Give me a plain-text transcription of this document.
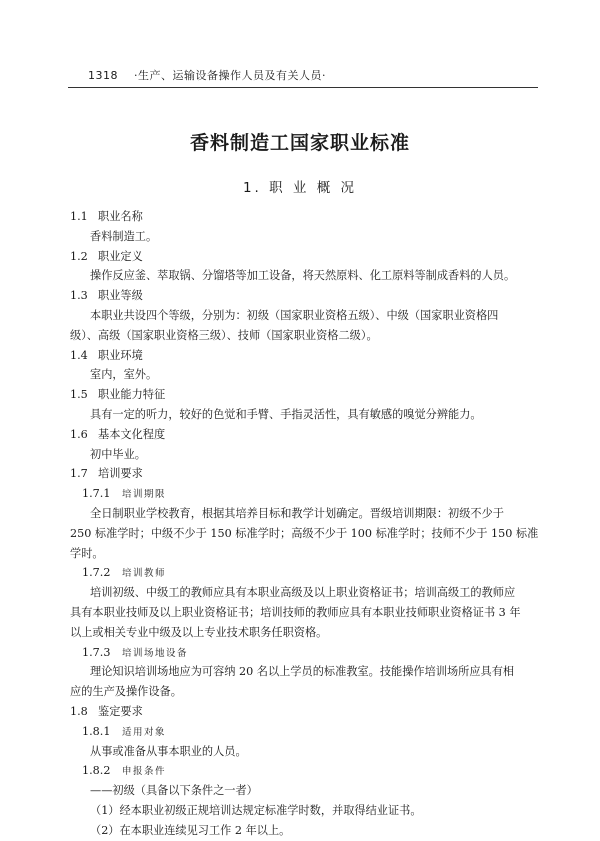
1318 ·生产、运输设备操作人员及有关人员·
香料制造工国家职业标准
1. 职 业 概 况
1.1 职业名称
香料制造工。
1.2 职业定义
操作反应釜、萃取锅、分馏塔等加工设备，将天然原料、化工原料等制成香料的人员。
1.3 职业等级
本职业共设四个等级，分别为：初级（国家职业资格五级）、中级（国家职业资格四
级）、高级（国家职业资格三级）、技师（国家职业资格二级）。
1.4 职业环境
室内，室外。
1.5 职业能力特征
具有一定的听力，较好的色觉和手臂、手指灵活性，具有敏感的嗅觉分辨能力。
1.6 基本文化程度
初中毕业。
1.7 培训要求
1.7.1 培训期限
全日制职业学校教育，根据其培养目标和教学计划确定。晋级培训期限：初级不少于
250 标准学时；中级不少于 150 标准学时；高级不少于 100 标准学时；技师不少于 150 标准
学时。
1.7.2 培训教师
培训初级、中级工的教师应具有本职业高级及以上职业资格证书；培训高级工的教师应
具有本职业技师及以上职业资格证书；培训技师的教师应具有本职业技师职业资格证书 3 年
以上或相关专业中级及以上专业技术职务任职资格。
1.7.3 培训场地设备
理论知识培训场地应为可容纳 20 名以上学员的标准教室。技能操作培训场所应具有相
应的生产及操作设备。
1.8 鉴定要求
1.8.1 适用对象
从事或准备从事本职业的人员。
1.8.2 申报条件
——初级（具备以下条件之一者）
（1）经本职业初级正规培训达规定标准学时数，并取得结业证书。
（2）在本职业连续见习工作 2 年以上。
